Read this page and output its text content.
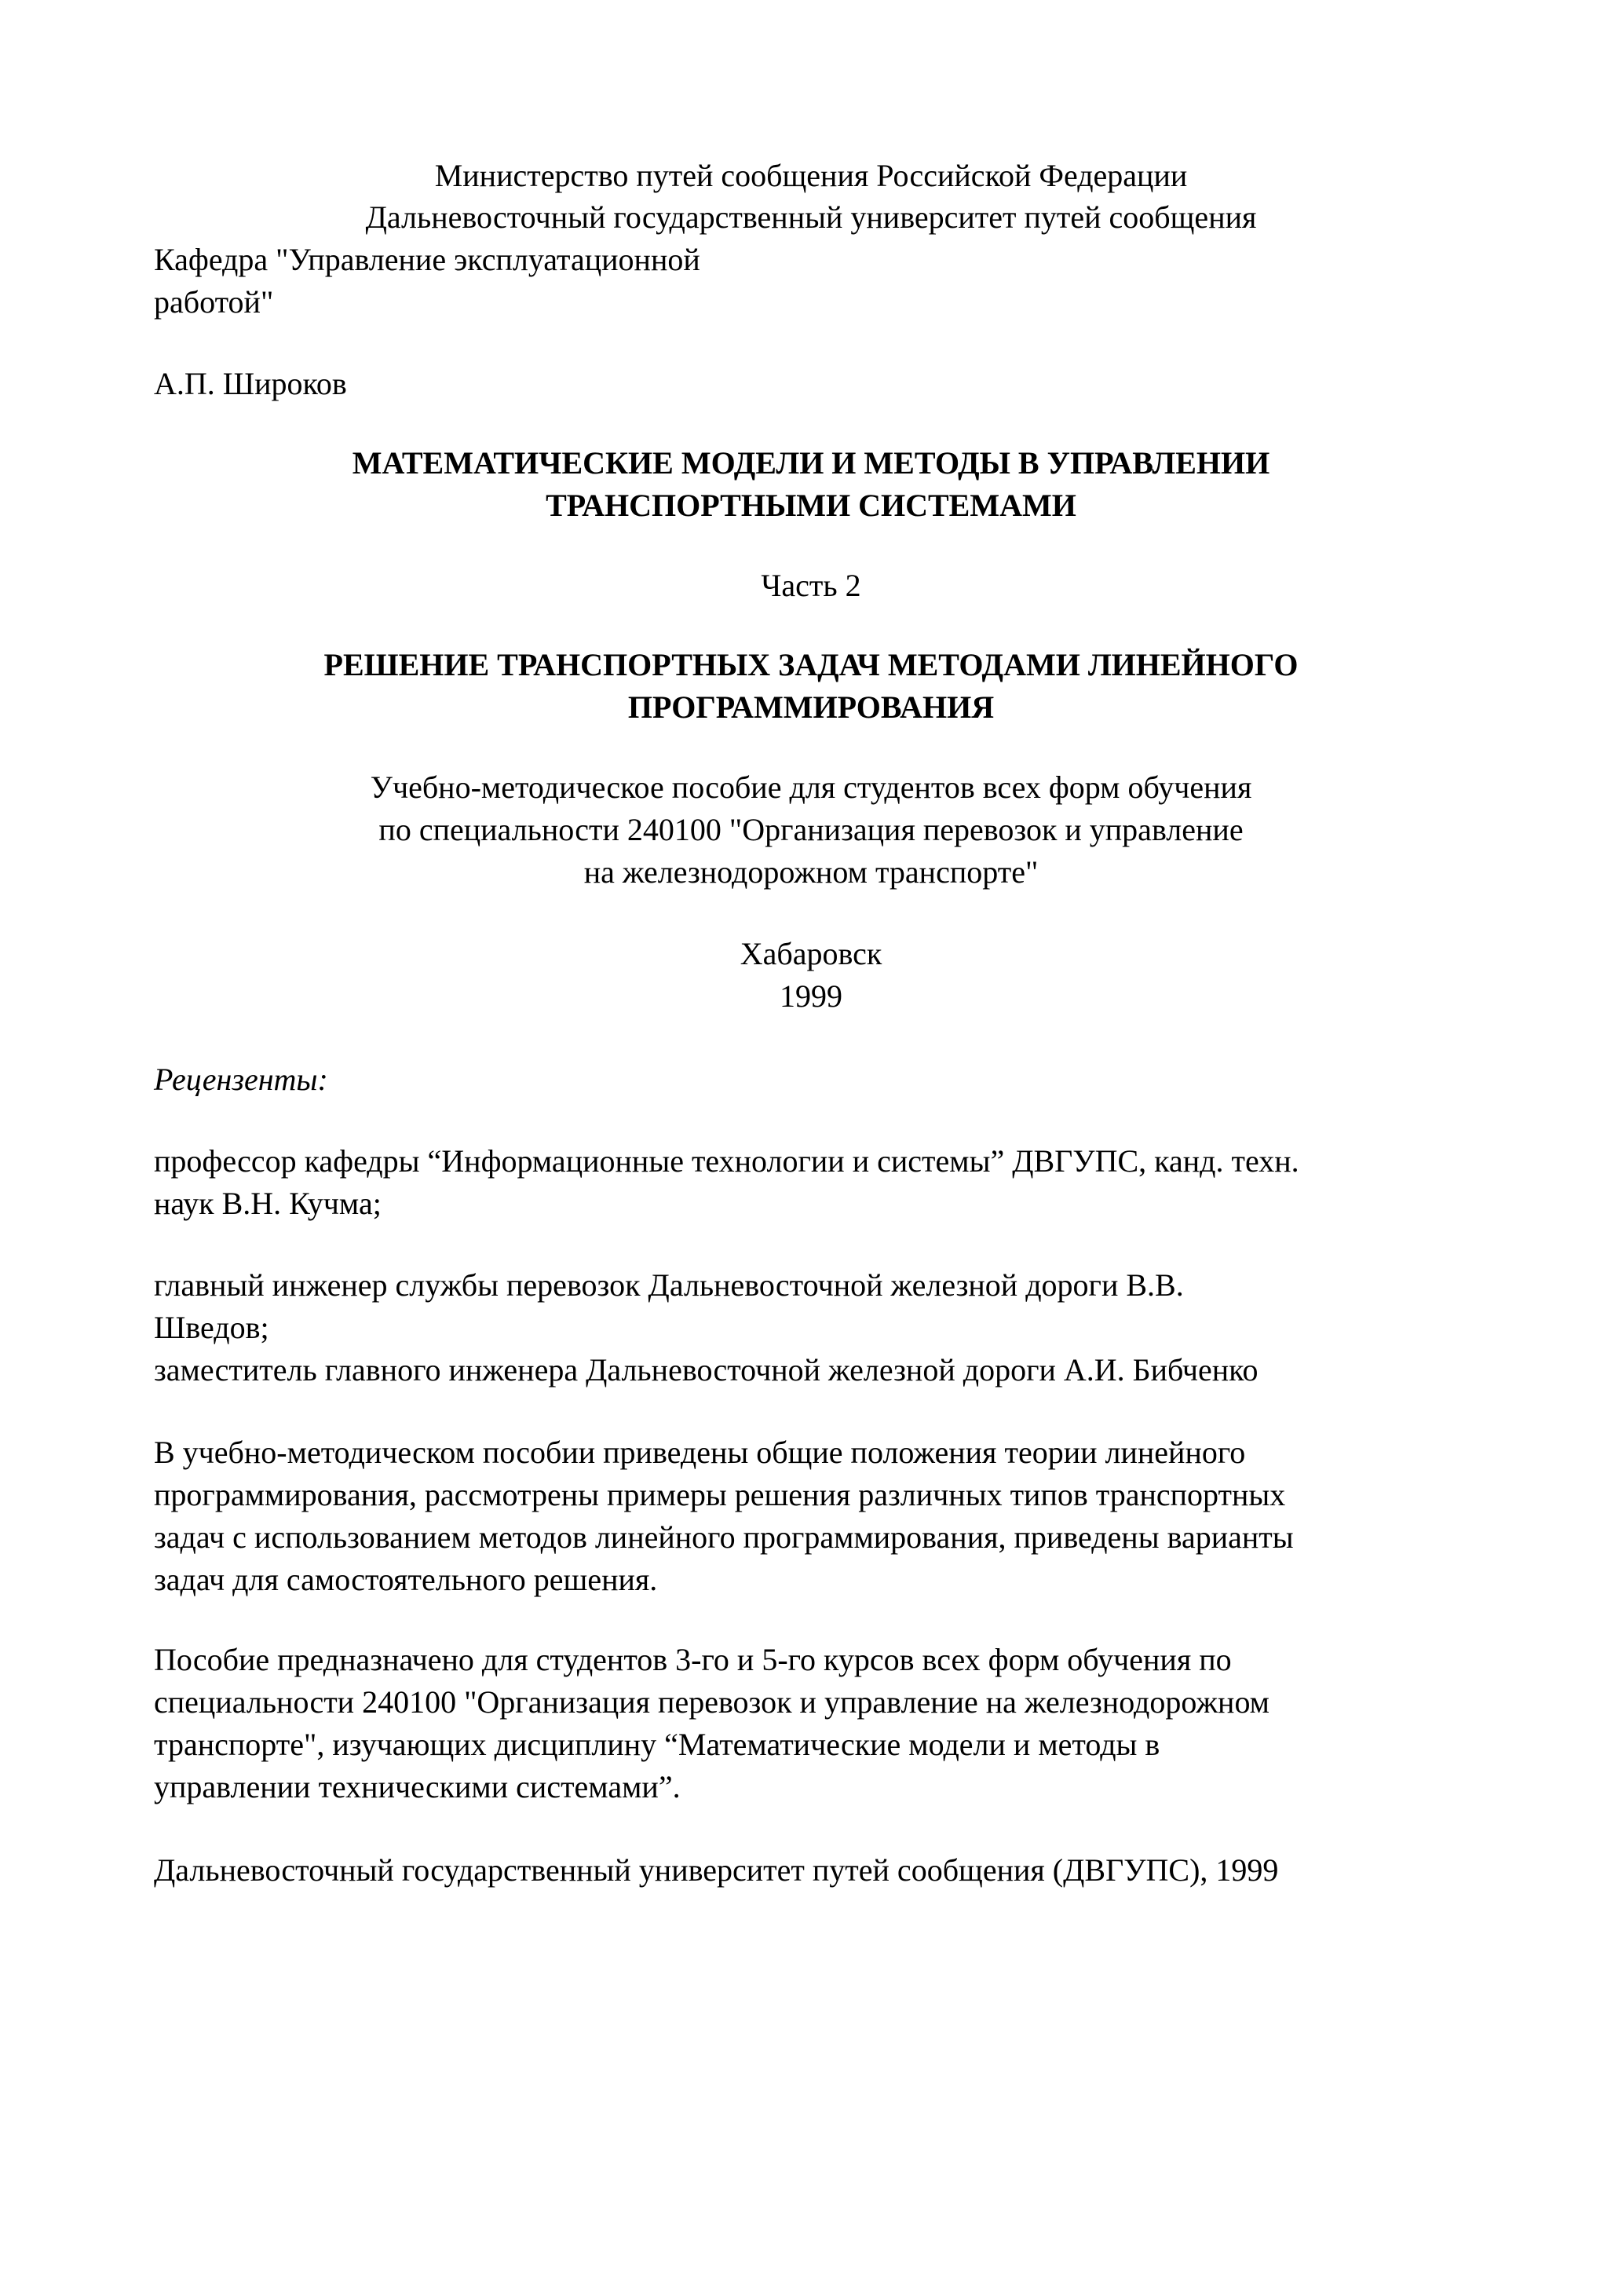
Министерство путей сообщения Российской Федерации
Дальневосточный государственный университет путей сообщения
Кафедра "Управление эксплуатационной
работой"
А.П. Широков
МАТЕМАТИЧЕСКИЕ МОДЕЛИ И МЕТОДЫ В УПРАВЛЕНИИ
ТРАНСПОРТНЫМИ СИСТЕМАМИ
Часть 2
РЕШЕНИЕ ТРАНСПОРТНЫХ ЗАДАЧ МЕТОДАМИ ЛИНЕЙНОГО
ПРОГРАММИРОВАНИЯ
Учебно-методическое пособие для студентов всех форм обучения
по специальности 240100 "Организация перевозок и управление
на железнодорожном транспорте"
Хабаровск
1999
Рецензенты:
профессор кафедры “Информационные технологии и системы” ДВГУПС, канд. техн.
наук В.Н. Кучма;
главный инженер службы перевозок Дальневосточной железной дороги В.В.
Шведов;
заместитель главного инженера Дальневосточной железной дороги А.И. Бибченко
В учебно-методическом пособии приведены общие положения теории линейного
программирования, рассмотрены примеры решения различных типов транспортных
задач с использованием методов линейного программирования, приведены варианты
задач для самостоятельного решения.
Пособие предназначено для студентов 3-го и 5-го курсов всех форм обучения по
специальности 240100 "Организация перевозок и управление на железнодорожном
транспорте", изучающих дисциплину “Математические модели и методы в
управлении техническими системами”.
Дальневосточный государственный университет путей сообщения (ДВГУПС), 1999
